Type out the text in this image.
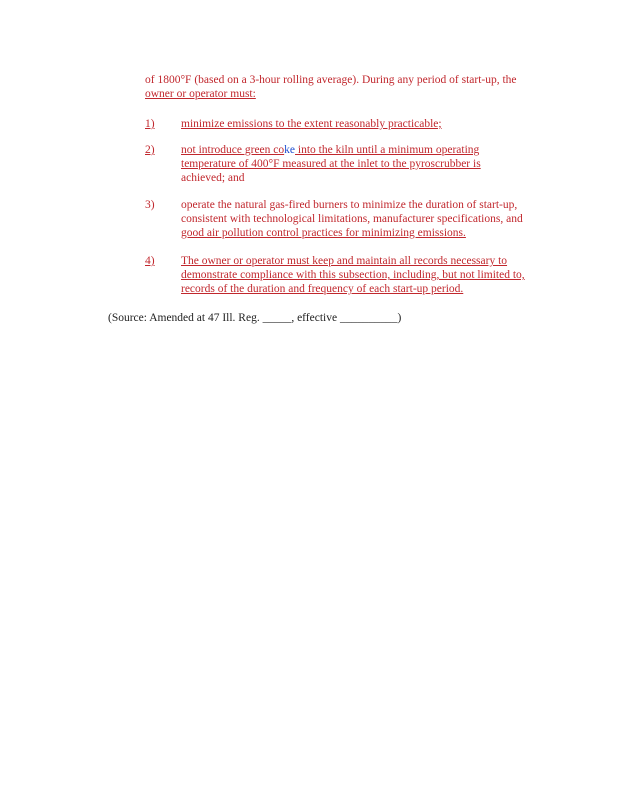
of 1800°F (based on a 3-hour rolling average). During any period of start-up, the
owner or operator must:
1)	minimize emissions to the extent reasonably practicable;
2)	not introduce green coke into the kiln until a minimum operating
temperature of 400°F measured at the inlet to the pyroscrubber is
achieved; and
3)	operate the natural gas-fired burners to minimize the duration of start-up,
consistent with technological limitations, manufacturer specifications, and
good air pollution control practices for minimizing emissions.
4)	The owner or operator must keep and maintain all records necessary to
demonstrate compliance with this subsection, including, but not limited to,
records of the duration and frequency of each start-up period.
(Source: Amended at 47 Ill. Reg. _____, effective __________)
